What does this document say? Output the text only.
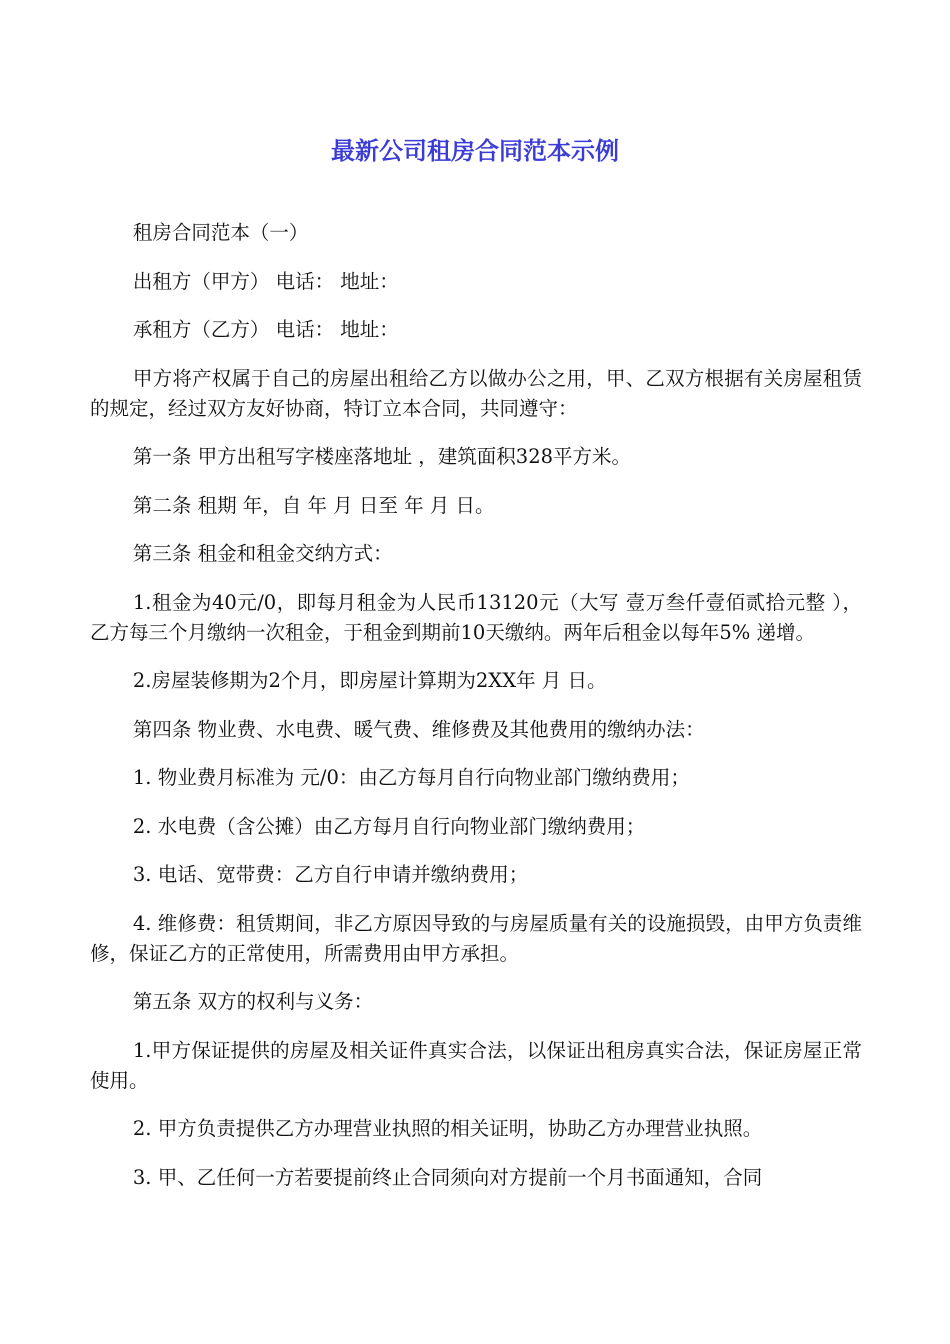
最新公司租房合同范本示例

租房合同范本（一）

出租方（甲方） 电话： 地址：

承租方（乙方） 电话： 地址：

甲方将产权属于自己的房屋出租给乙方以做办公之用，甲、乙双方根据有关房屋租赁的规定，经过双方友好协商，特订立本合同，共同遵守：

第一条 甲方出租写字楼座落地址 ，建筑面积328平方米。

第二条 租期 年，自 年 月 日至 年 月 日。

第三条 租金和租金交纳方式：

1.租金为40元/0，即每月租金为人民币13120元（大写 壹万叁仟壹佰贰拾元整 ），乙方每三个月缴纳一次租金，于租金到期前10天缴纳。两年后租金以每年5% 递增。

2.房屋装修期为2个月，即房屋计算期为2XX年 月 日。

第四条 物业费、水电费、暖气费、维修费及其他费用的缴纳办法：

1. 物业费月标准为 元/0：由乙方每月自行向物业部门缴纳费用；

2. 水电费（含公摊）由乙方每月自行向物业部门缴纳费用；

3. 电话、宽带费：乙方自行申请并缴纳费用；

4. 维修费：租赁期间，非乙方原因导致的与房屋质量有关的设施损毁，由甲方负责维修，保证乙方的正常使用，所需费用由甲方承担。

第五条 双方的权利与义务：

1.甲方保证提供的房屋及相关证件真实合法，以保证出租房真实合法，保证房屋正常使用。

2. 甲方负责提供乙方办理营业执照的相关证明，协助乙方办理营业执照。

3. 甲、乙任何一方若要提前终止合同须向对方提前一个月书面通知，合同
